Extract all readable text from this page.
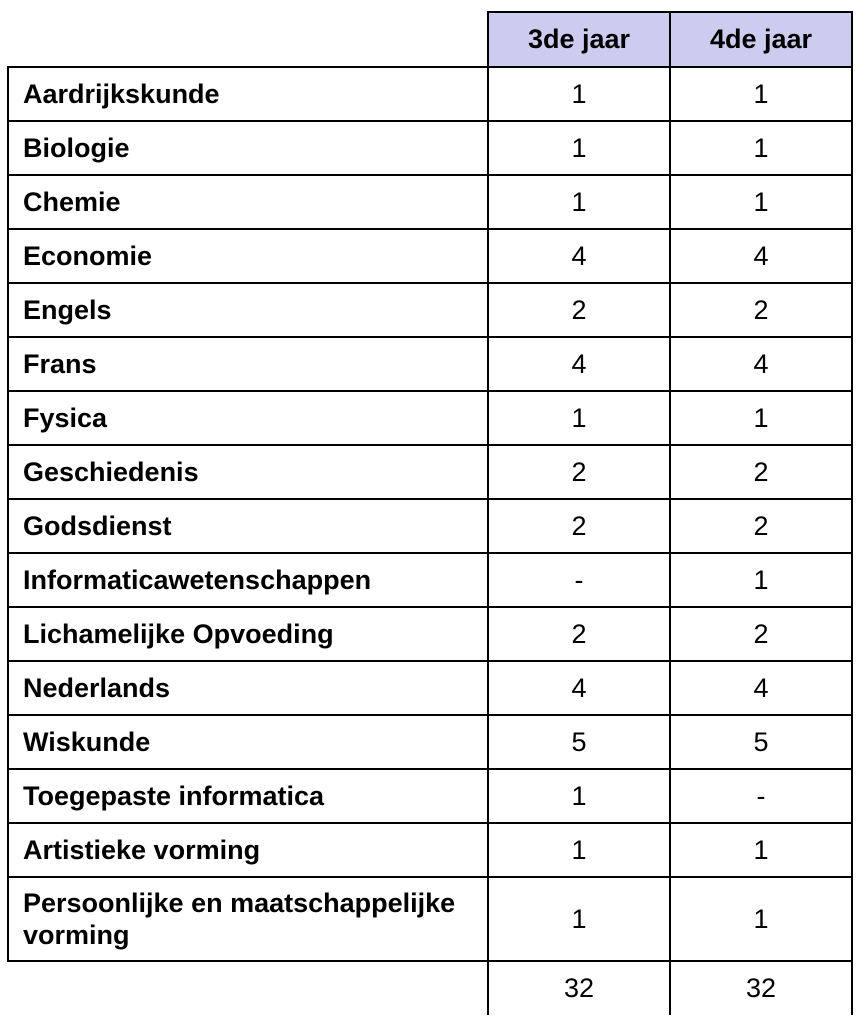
	3de jaar	4de jaar
Aardrijkskunde	1	1
Biologie	1	1
Chemie	1	1
Economie	4	4
Engels	2	2
Frans	4	4
Fysica	1	1
Geschiedenis	2	2
Godsdienst	2	2
Informaticawetenschappen	-	1
Lichamelijke Opvoeding	2	2
Nederlands	4	4
Wiskunde	5	5
Toegepaste informatica	1	-
Artistieke vorming	1	1
Persoonlijke en maatschappelijke vorming	1	1
	32	32
